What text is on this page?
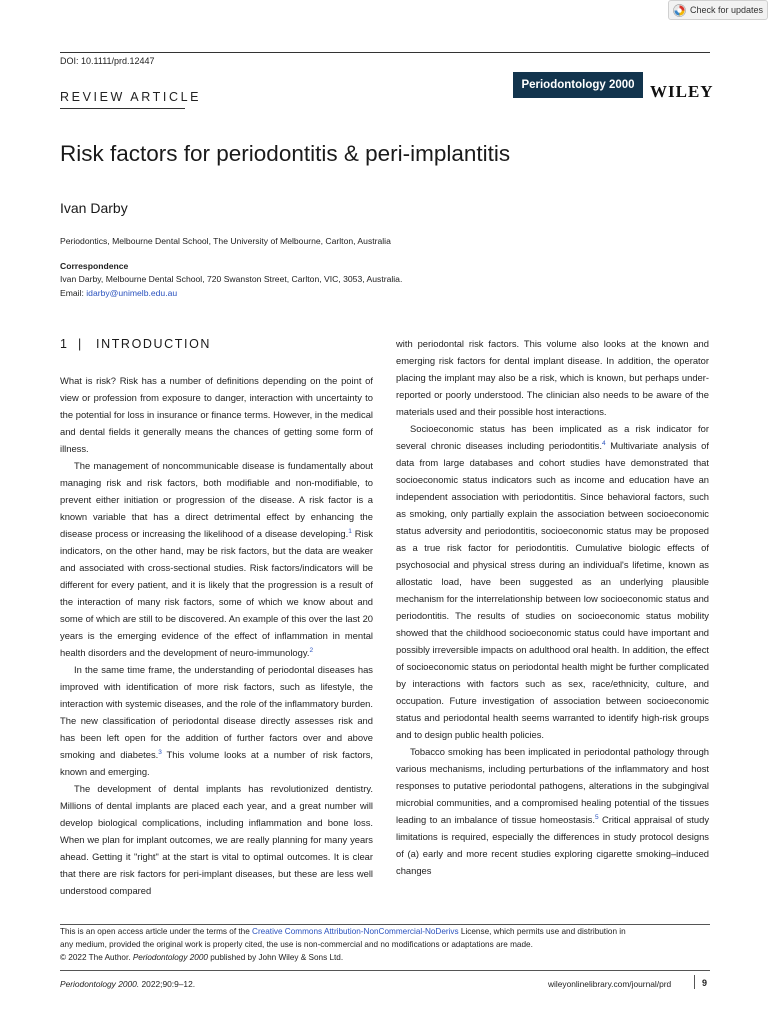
Check for updates
DOI: 10.1111/prd.12447
REVIEW ARTICLE
Periodontology 2000 WILEY
Risk factors for periodontitis & peri-implantitis
Ivan Darby
Periodontics, Melbourne Dental School, The University of Melbourne, Carlton, Australia
Correspondence
Ivan Darby, Melbourne Dental School, 720 Swanston Street, Carlton, VIC, 3053, Australia.
Email: idarby@unimelb.edu.au
1 | INTRODUCTION

What is risk? Risk has a number of definitions depending on the point of view or profession from exposure to danger, interaction with uncertainty to the potential for loss in insurance or finance terms. However, in the medical and dental fields it generally means the chances of getting some form of illness.

The management of noncommunicable disease is fundamentally about managing risk and risk factors, both modifiable and non-modifiable, to prevent either initiation or progression of the disease. A risk factor is a known variable that has a direct detrimental effect by enhancing the disease process or increasing the likelihood of a disease developing.$^1$ Risk indicators, on the other hand, may be risk factors, but the data are weaker and associated with cross-sectional studies. Risk factors/indicators will be different for every patient, and it is likely that the progression is a result of the interaction of many risk factors, some of which we know about and some of which are still to be discovered. An example of this over the last 20 years is the emerging evidence of the effect of inflammation in mental health disorders and the development of neuro-immunology.$^2$

In the same time frame, the understanding of periodontal diseases has improved with identification of more risk factors, such as lifestyle, the interaction with systemic diseases, and the role of the inflammatory burden. The new classification of periodontal disease directly assesses risk and has been left open for the addition of further factors over and above smoking and diabetes.$^3$ This volume looks at a number of risk factors, known and emerging.

The development of dental implants has revolutionized dentistry. Millions of dental implants are placed each year, and a great number will develop biological complications, including inflammation and bone loss. When we plan for implant outcomes, we are really planning for many years ahead. Getting it "right" at the start is vital to optimal outcomes. It is clear that there are risk factors for peri-implant diseases, but these are less well understood compared

with periodontal risk factors. This volume also looks at the known and emerging risk factors for dental implant disease. In addition, the operator placing the implant may also be a risk, which is known, but perhaps under-reported or poorly understood. The clinician also needs to be aware of the materials used and their possible host interactions.

Socioeconomic status has been implicated as a risk indicator for several chronic diseases including periodontitis.$^4$ Multivariate analysis of data from large databases and cohort studies have demonstrated that socioeconomic status indicators such as income and education have an independent association with periodontitis. Since behavioral factors, such as smoking, only partially explain the association between socioeconomic status adversity and periodontitis, socioeconomic status may be proposed as a true risk factor for periodontitis. Cumulative biologic effects of psychosocial and physical stress during an individual's lifetime, known as allostatic load, have been suggested as an underlying plausible mechanism for the interrelationship between low socioeconomic status and periodontitis. The results of studies on socioeconomic status mobility showed that the childhood socioeconomic status could have important and possibly irreversible impacts on adulthood oral health. In addition, the effect of socioeconomic status on periodontal health might be further complicated by interactions with factors such as sex, race/ethnicity, culture, and occupation. Future investigation of association between socioeconomic status and periodontal health seems warranted to identify high-risk groups and to design public health policies.

Tobacco smoking has been implicated in periodontal pathology through various mechanisms, including perturbations of the inflammatory and host responses to putative periodontal pathogens, alterations in the subgingival microbial communities, and a compromised healing potential of the tissues leading to an imbalance of tissue homeostasis.$^5$ Critical appraisal of study limitations is required, especially the differences in study protocol designs of (a) early and more recent studies exploring cigarette smoking–induced changes

This is an open access article under the terms of the Creative Commons Attribution-NonCommercial-NoDerivs License, which permits use and distribution in
any medium, provided the original work is properly cited, the use is non-commercial and no modifications or adaptations are made.
© 2022 The Author. Periodontology 2000 published by John Wiley & Sons Ltd.
Periodontology 2000. 2022;90:9–12.	wileyonlinelibrary.com/journal/prd	9
